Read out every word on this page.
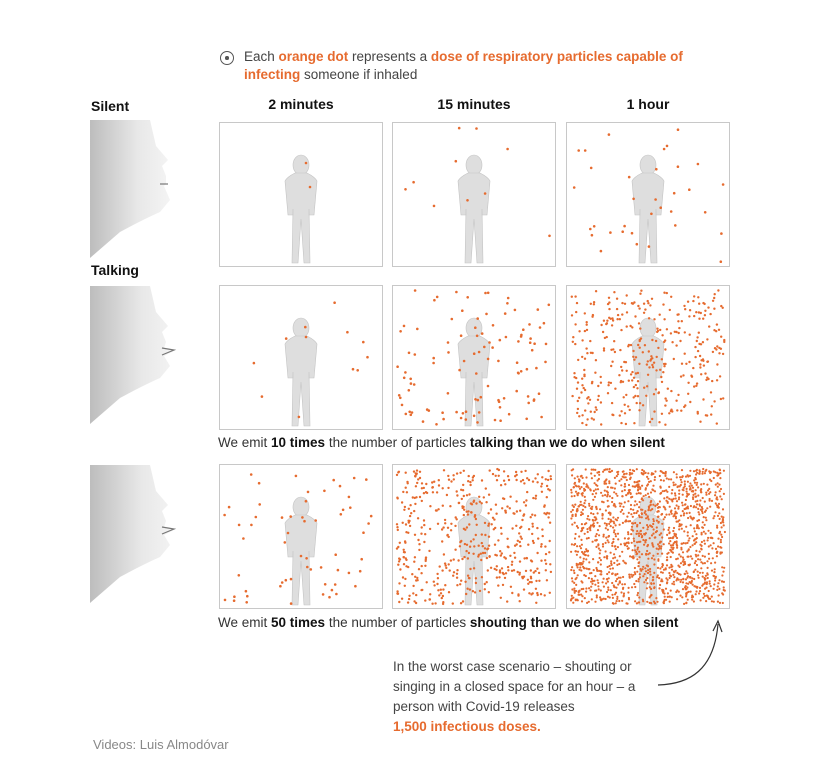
Each orange dot represents a dose of respiratory particles capable of infecting someone if inhaled
Silent
Talking
2 minutes	15 minutes	1 hour
We emit 10 times the number of particles talking than we do when silent
We emit 50 times the number of particles shouting than we do when silent
In the worst case scenario – shouting or singing in a closed space for an hour – a person with Covid-19 releases
1,500 infectious doses.
Videos: Luis Almodóvar
